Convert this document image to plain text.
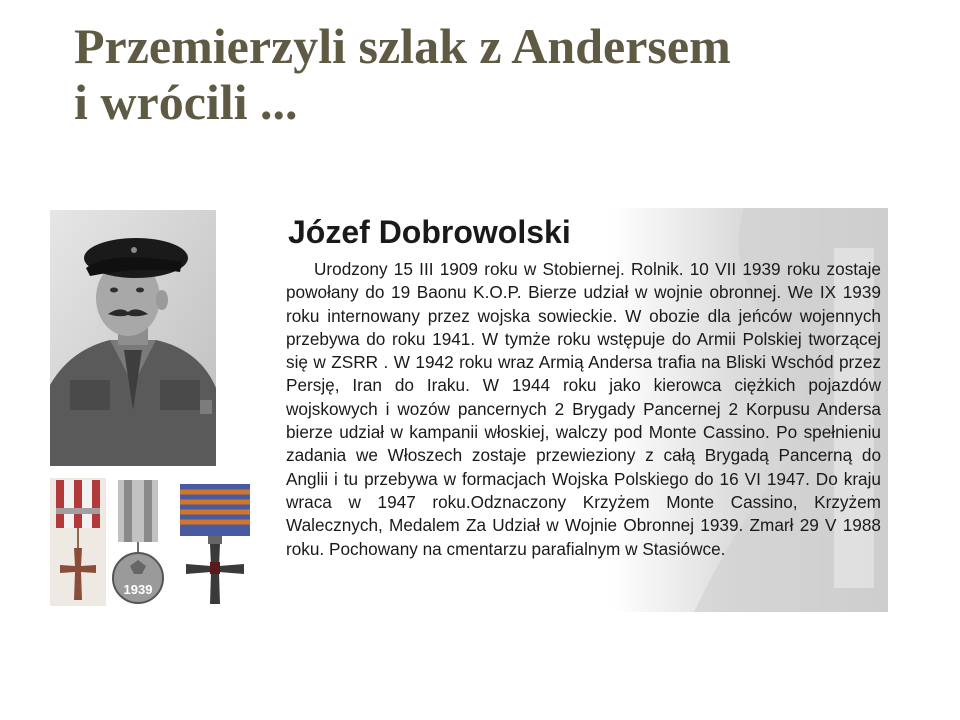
Przemierzyli szlak z Andersem
i wrócili ...
1939
Józef Dobrowolski

Urodzony 15 III 1909 roku w Stobiernej. Rolnik. 10 VII 1939 roku zostaje powołany do 19 Baonu K.O.P. Bierze udział w wojnie obronnej. We IX 1939 roku internowany przez wojska sowieckie. W obozie dla jeńców wojennych przebywa do roku 1941. W tymże roku wstępuje do Armii Polskiej tworzącej się w ZSRR . W 1942 roku wraz Armią Andersa trafia na Bliski Wschód przez Persję, Iran do Iraku. W 1944 roku jako kierowca ciężkich pojazdów wojskowych i wozów pancernych 2 Brygady Pancernej 2 Korpusu Andersa bierze udział w kampanii włoskiej, walczy pod Monte Cassino. Po spełnieniu zadania we Włoszech zostaje przewieziony z całą Brygadą Pancerną do Anglii i tu przebywa w formacjach Wojska Polskiego do 16 VI 1947. Do kraju wraca w 1947 roku.Odznaczony Krzyżem Monte Cassino, Krzyżem Walecznych, Medalem Za Udział w Wojnie Obronnej 1939. Zmarł 29 V 1988 roku. Pochowany na cmentarzu parafialnym w Stasiówce.
